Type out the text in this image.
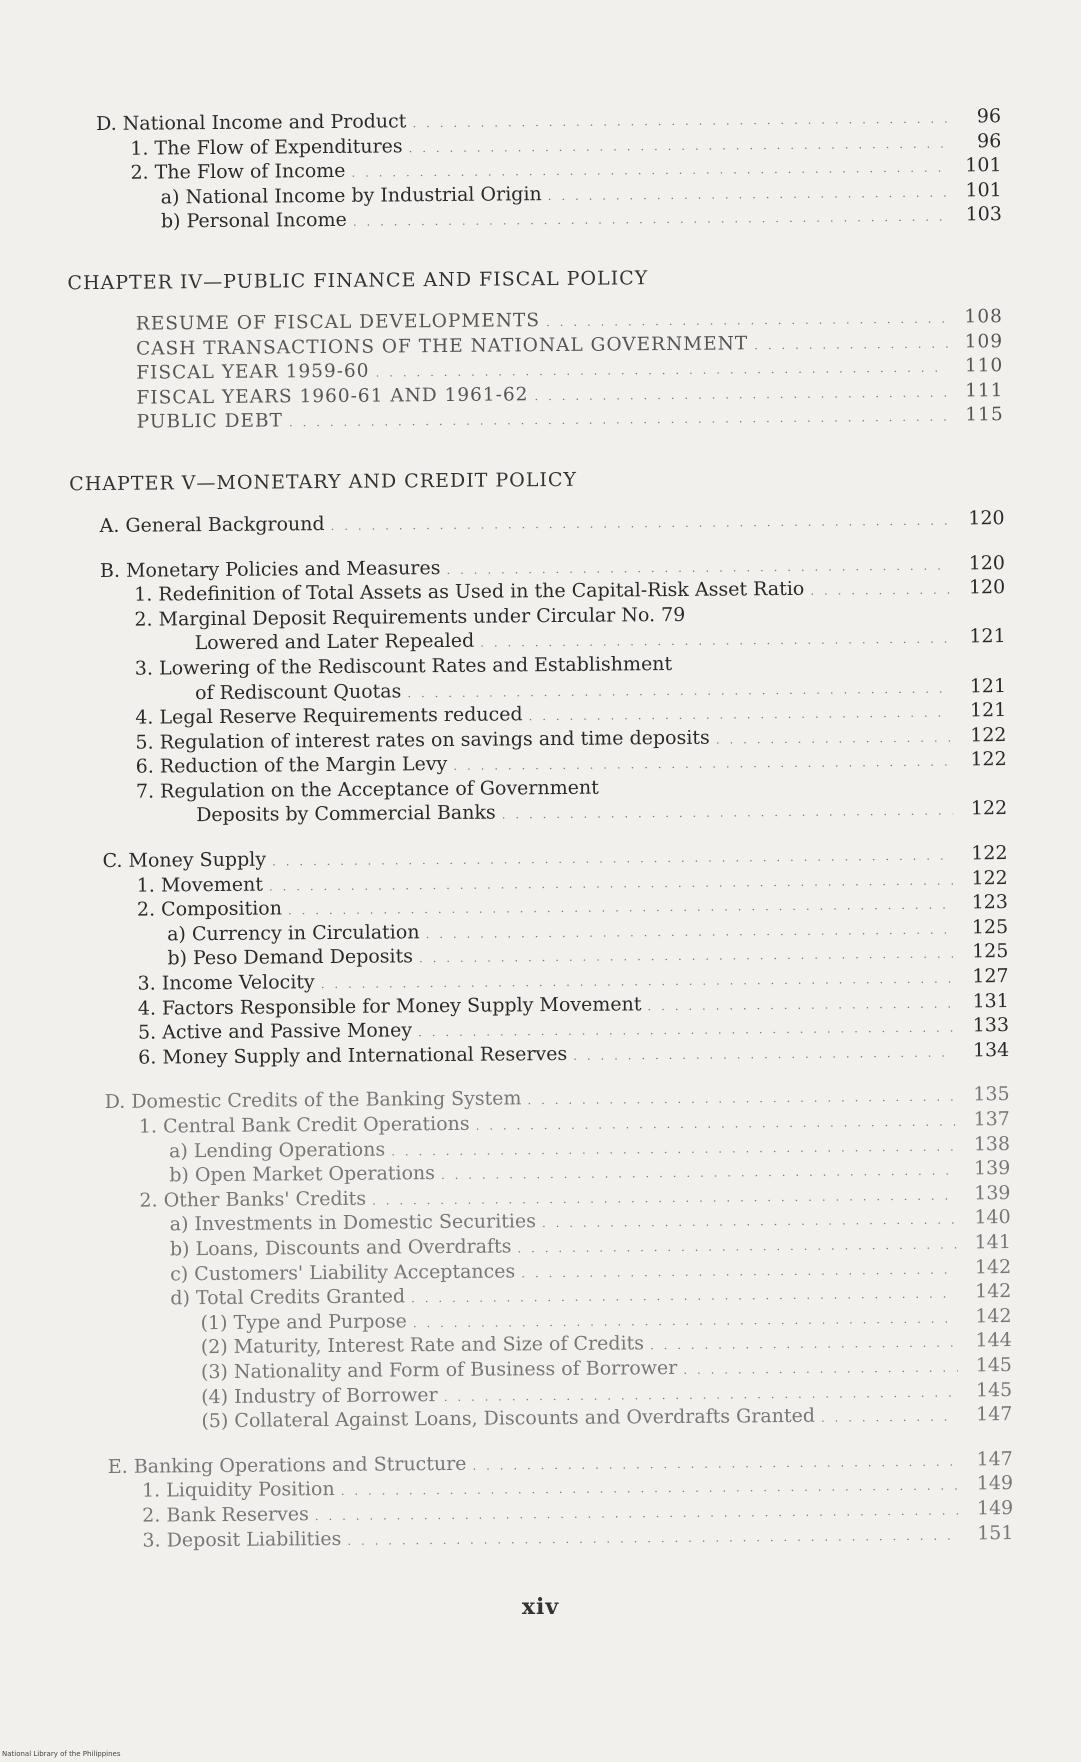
D. National Income and Product . . .	96
1. The Flow of Expenditures . . .	96
2. The Flow of Income . . .	101
a) National Income by Industrial Origin . . .	101
b) Personal Income . . .	103
CHAPTER IV—PUBLIC FINANCE AND FISCAL POLICY
RESUME OF FISCAL DEVELOPMENTS . . .	108
CASH TRANSACTIONS OF THE NATIONAL GOVERNMENT . . .	109
FISCAL YEAR 1959-60 . . .	110
FISCAL YEARS 1960-61 AND 1961-62 . . .	111
PUBLIC DEBT . . .	115
CHAPTER V—MONETARY AND CREDIT POLICY
A. General Background . . .	120
B. Monetary Policies and Measures . . .	120
1. Redefinition of Total Assets as Used in the Capital-Risk Asset Ratio . . .	120
2. Marginal Deposit Requirements under Circular No. 79
Lowered and Later Repealed . . .	121
3. Lowering of the Rediscount Rates and Establishment
of Rediscount Quotas . . .	121
4. Legal Reserve Requirements reduced . . .	121
5. Regulation of interest rates on savings and time deposits . . .	122
6. Reduction of the Margin Levy . . .	122
7. Regulation on the Acceptance of Government
Deposits by Commercial Banks . . .	122
C. Money Supply . . .	122
1. Movement . . .	122
2. Composition . . .	123
a) Currency in Circulation . . .	125
b) Peso Demand Deposits . . .	125
3. Income Velocity . . .	127
4. Factors Responsible for Money Supply Movement . . .	131
5. Active and Passive Money . . .	133
6. Money Supply and International Reserves . . .	134
D. Domestic Credits of the Banking System . . .	135
1. Central Bank Credit Operations . . .	137
a) Lending Operations . . .	138
b) Open Market Operations . . .	139
2. Other Banks' Credits . . .	139
a) Investments in Domestic Securities . . .	140
b) Loans, Discounts and Overdrafts . . .	141
c) Customers' Liability Acceptances . . .	142
d) Total Credits Granted . . .	142
(1) Type and Purpose . . .	142
(2) Maturity, Interest Rate and Size of Credits . . .	144
(3) Nationality and Form of Business of Borrower . . .	145
(4) Industry of Borrower . . .	145
(5) Collateral Against Loans, Discounts and Overdrafts Granted . . .	147
E. Banking Operations and Structure . . .	147
1. Liquidity Position . . .	149
2. Bank Reserves . . .	149
3. Deposit Liabilities . . .	151
xiv
National Library of the Philippines
